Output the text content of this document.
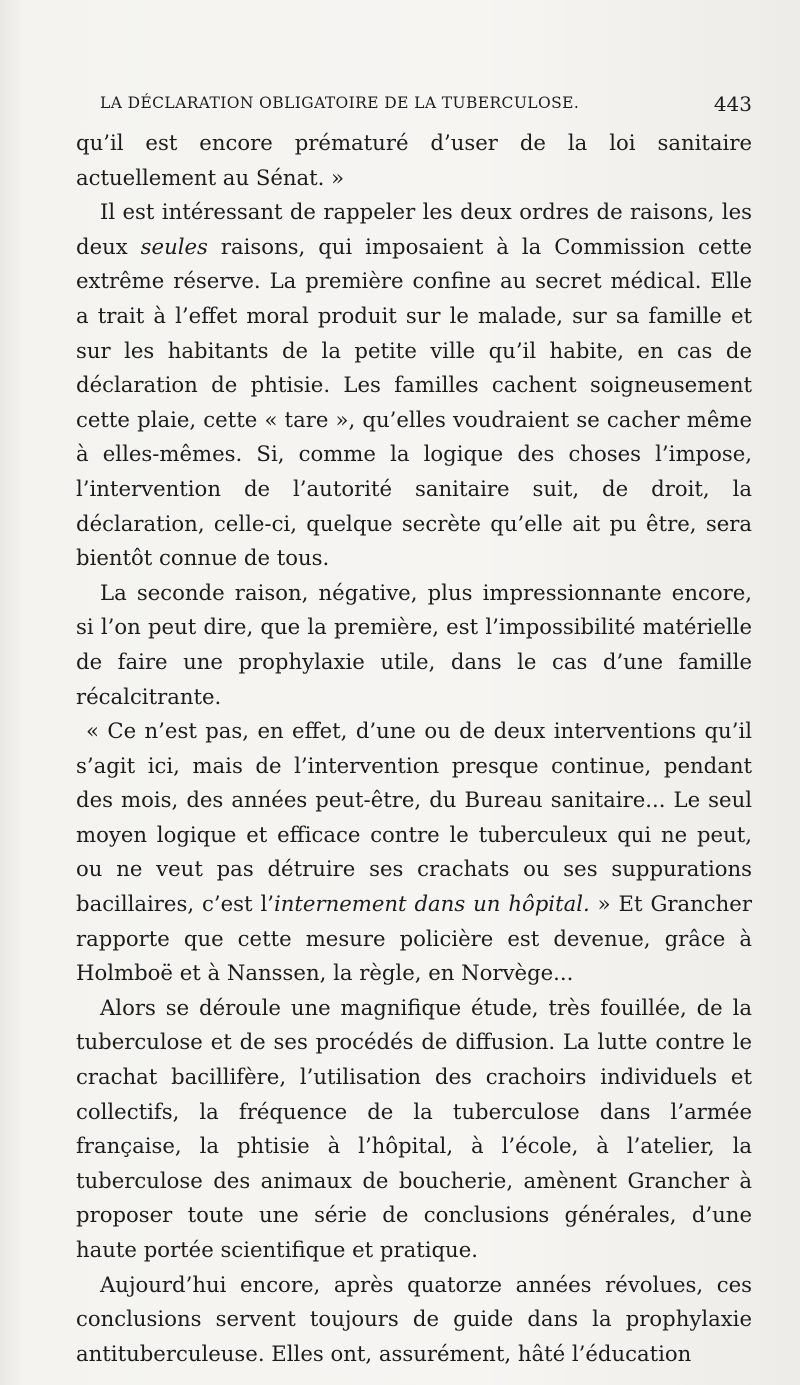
LA DÉCLARATION OBLIGATOIRE DE LA TUBERCULOSE.	443

qu’il est encore prématuré d’user de la loi sanitaire actuellement au Sénat. »

Il est intéressant de rappeler les deux ordres de raisons, les deux seules raisons, qui imposaient à la Commission cette extrême réserve. La première confine au secret médical. Elle a trait à l’effet moral produit sur le malade, sur sa famille et sur les habitants de la petite ville qu’il habite, en cas de déclaration de phtisie. Les familles cachent soigneusement cette plaie, cette « tare », qu’elles voudraient se cacher même à elles-mêmes. Si, comme la logique des choses l’impose, l’intervention de l’autorité sanitaire suit, de droit, la déclaration, celle-ci, quelque secrète qu’elle ait pu être, sera bientôt connue de tous.

La seconde raison, négative, plus impressionnante encore, si l’on peut dire, que la première, est l’impossibilité matérielle de faire une prophylaxie utile, dans le cas d’une famille récalcitrante.

« Ce n’est pas, en effet, d’une ou de deux interventions qu’il s’agit ici, mais de l’intervention presque continue, pendant des mois, des années peut-être, du Bureau sanitaire... Le seul moyen logique et efficace contre le tuberculeux qui ne peut, ou ne veut pas détruire ses crachats ou ses suppurations bacillaires, c’est l’internement dans un hôpital. » Et Grancher rapporte que cette mesure policière est devenue, grâce à Holmboë et à Nanssen, la règle, en Norvège...

Alors se déroule une magnifique étude, très fouillée, de la tuberculose et de ses procédés de diffusion. La lutte contre le crachat bacillifère, l’utilisation des crachoirs individuels et collectifs, la fréquence de la tuberculose dans l’armée française, la phtisie à l’hôpital, à l’école, à l’atelier, la tuberculose des animaux de boucherie, amènent Grancher à proposer toute une série de conclusions générales, d’une haute portée scientifique et pratique.

Aujourd’hui encore, après quatorze années révolues, ces conclusions servent toujours de guide dans la prophylaxie antituberculeuse. Elles ont, assurément, hâté l’éducation
